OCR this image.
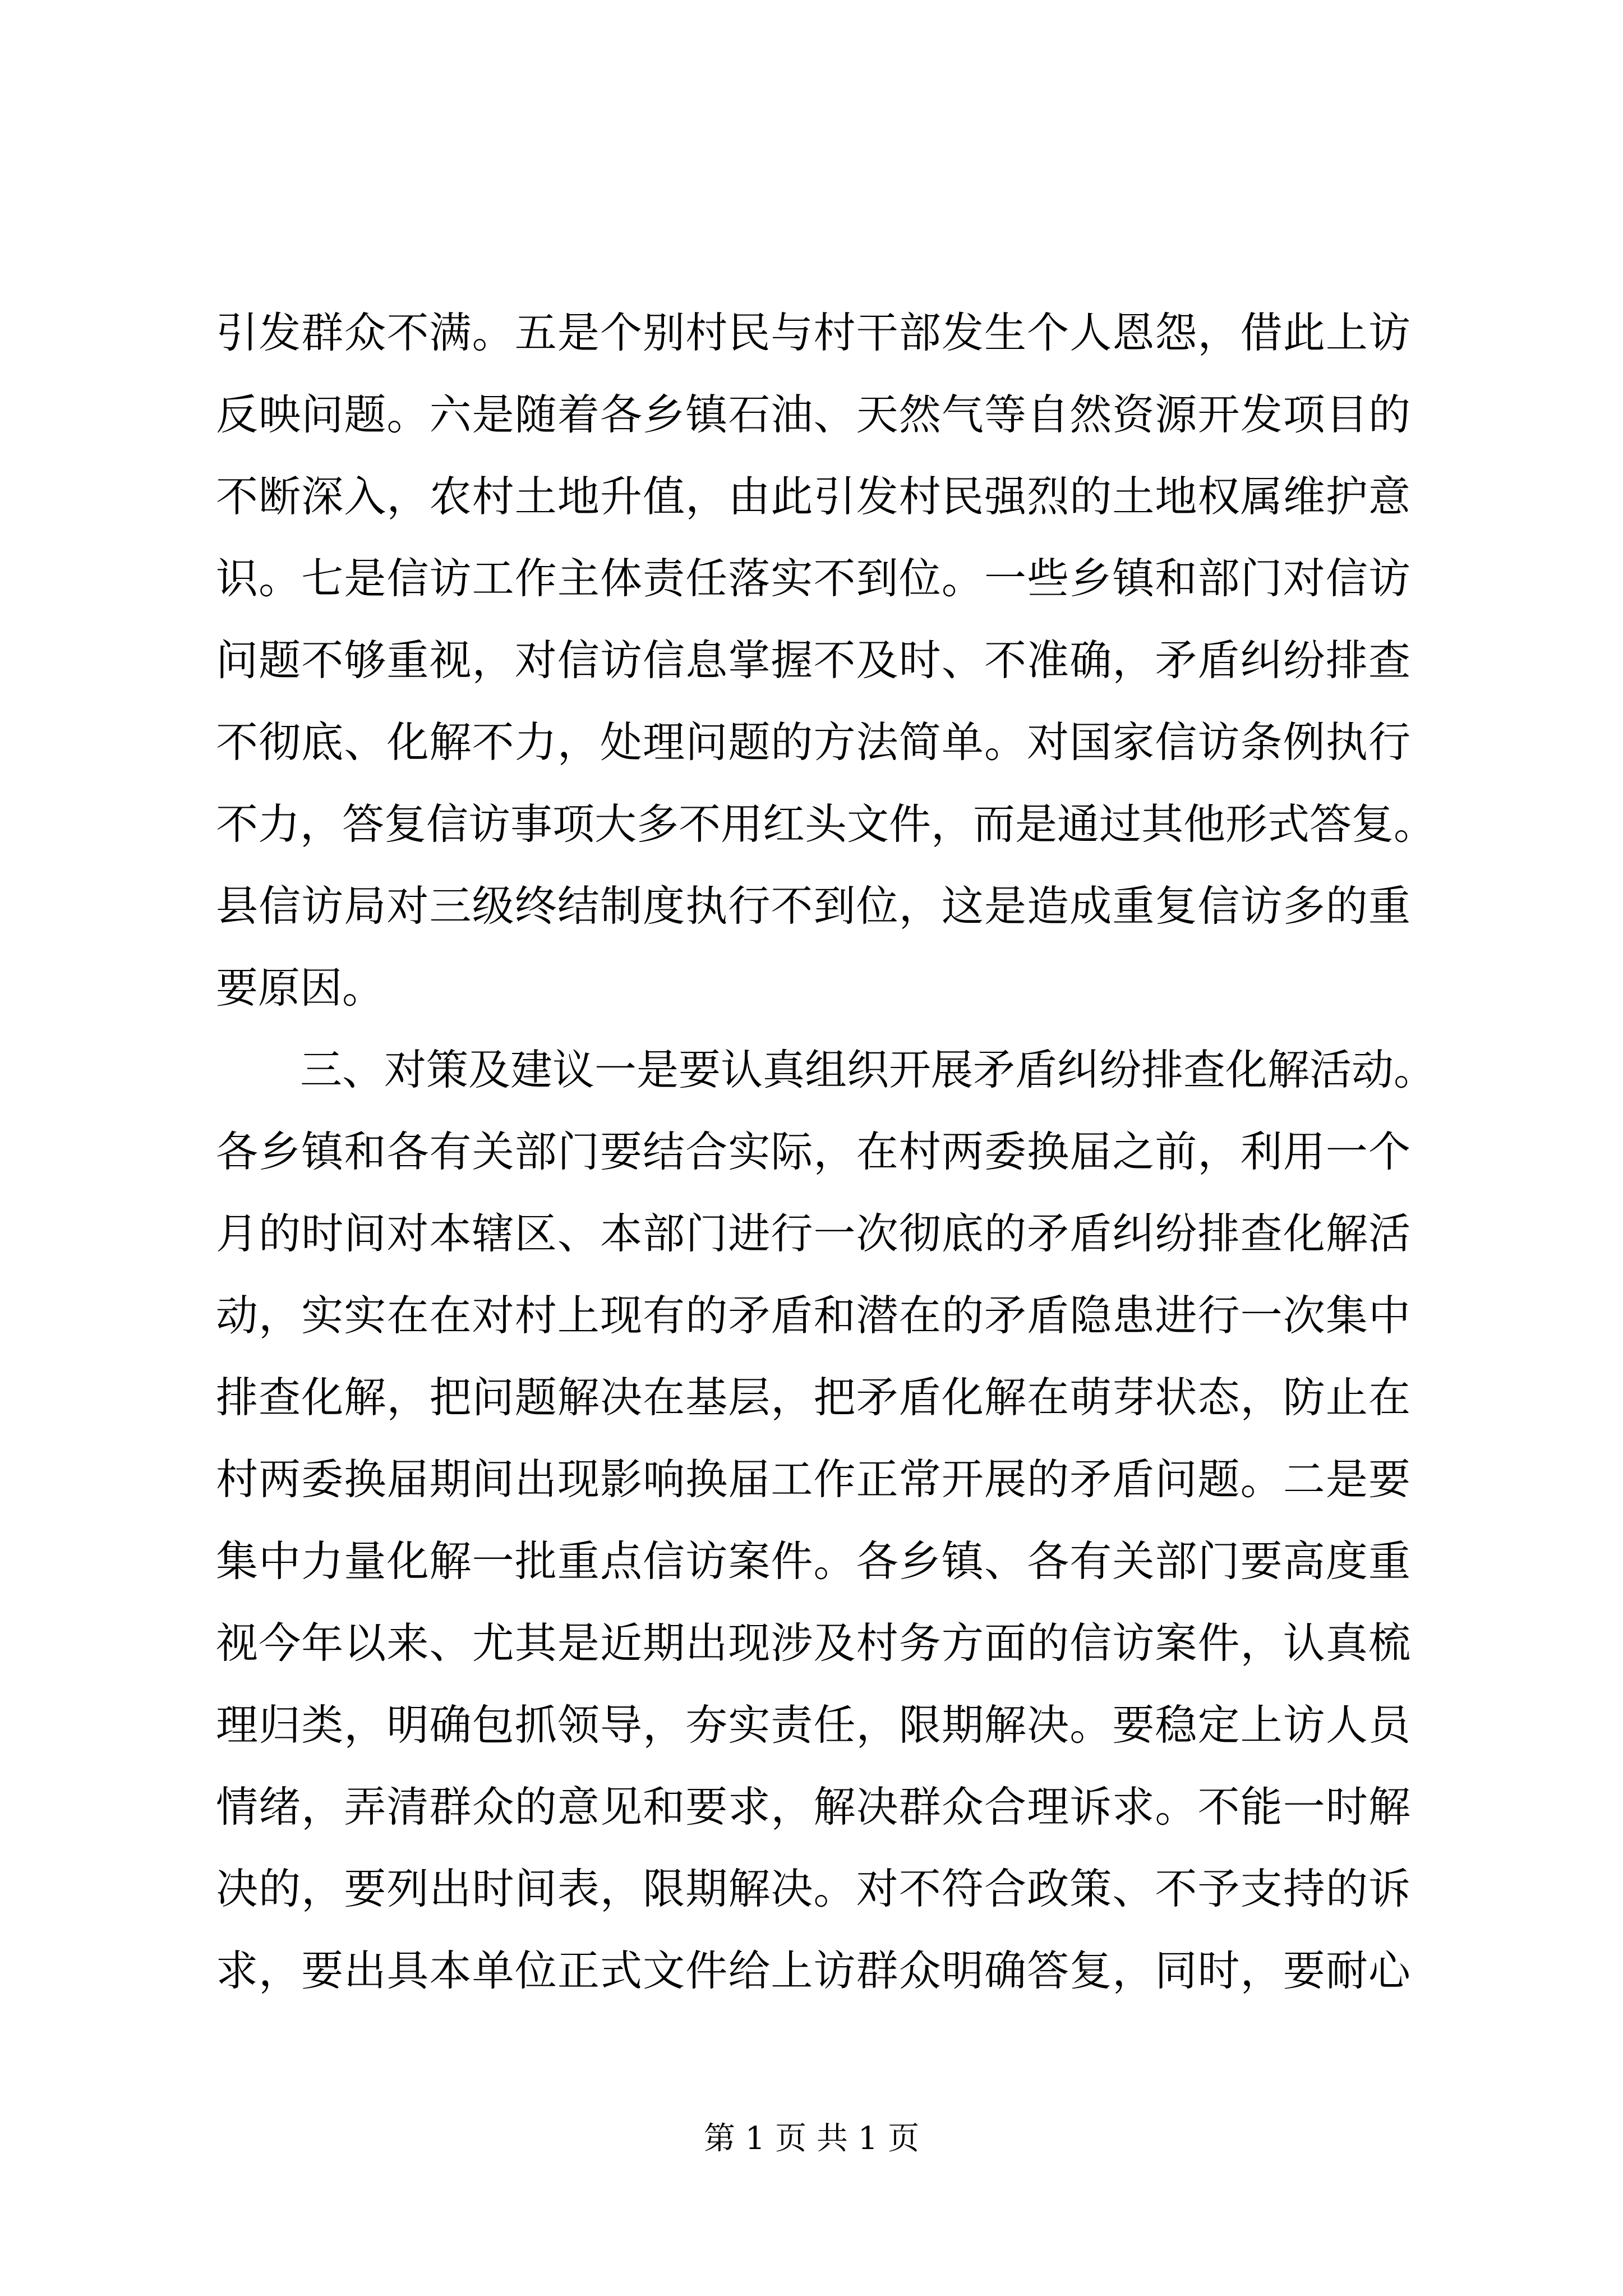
引发群众不满。五是个别村民与村干部发生个人恩怨，借此上访
反映问题。六是随着各乡镇石油、天然气等自然资源开发项目的
不断深入，农村土地升值，由此引发村民强烈的土地权属维护意
识。七是信访工作主体责任落实不到位。一些乡镇和部门对信访
问题不够重视，对信访信息掌握不及时、不准确，矛盾纠纷排查
不彻底、化解不力，处理问题的方法简单。对国家信访条例执行
不力，答复信访事项大多不用红头文件，而是通过其他形式答复。
县信访局对三级终结制度执行不到位，这是造成重复信访多的重
要原因。
三、对策及建议一是要认真组织开展矛盾纠纷排查化解活动。
各乡镇和各有关部门要结合实际，在村两委换届之前，利用一个
月的时间对本辖区、本部门进行一次彻底的矛盾纠纷排查化解活
动，实实在在对村上现有的矛盾和潜在的矛盾隐患进行一次集中
排查化解，把问题解决在基层，把矛盾化解在萌芽状态，防止在
村两委换届期间出现影响换届工作正常开展的矛盾问题。二是要
集中力量化解一批重点信访案件。各乡镇、各有关部门要高度重
视今年以来、尤其是近期出现涉及村务方面的信访案件，认真梳
理归类，明确包抓领导，夯实责任，限期解决。要稳定上访人员
情绪，弄清群众的意见和要求，解决群众合理诉求。不能一时解
决的，要列出时间表，限期解决。对不符合政策、不予支持的诉
求，要出具本单位正式文件给上访群众明确答复，同时，要耐心
第 1 页 共 1 页
